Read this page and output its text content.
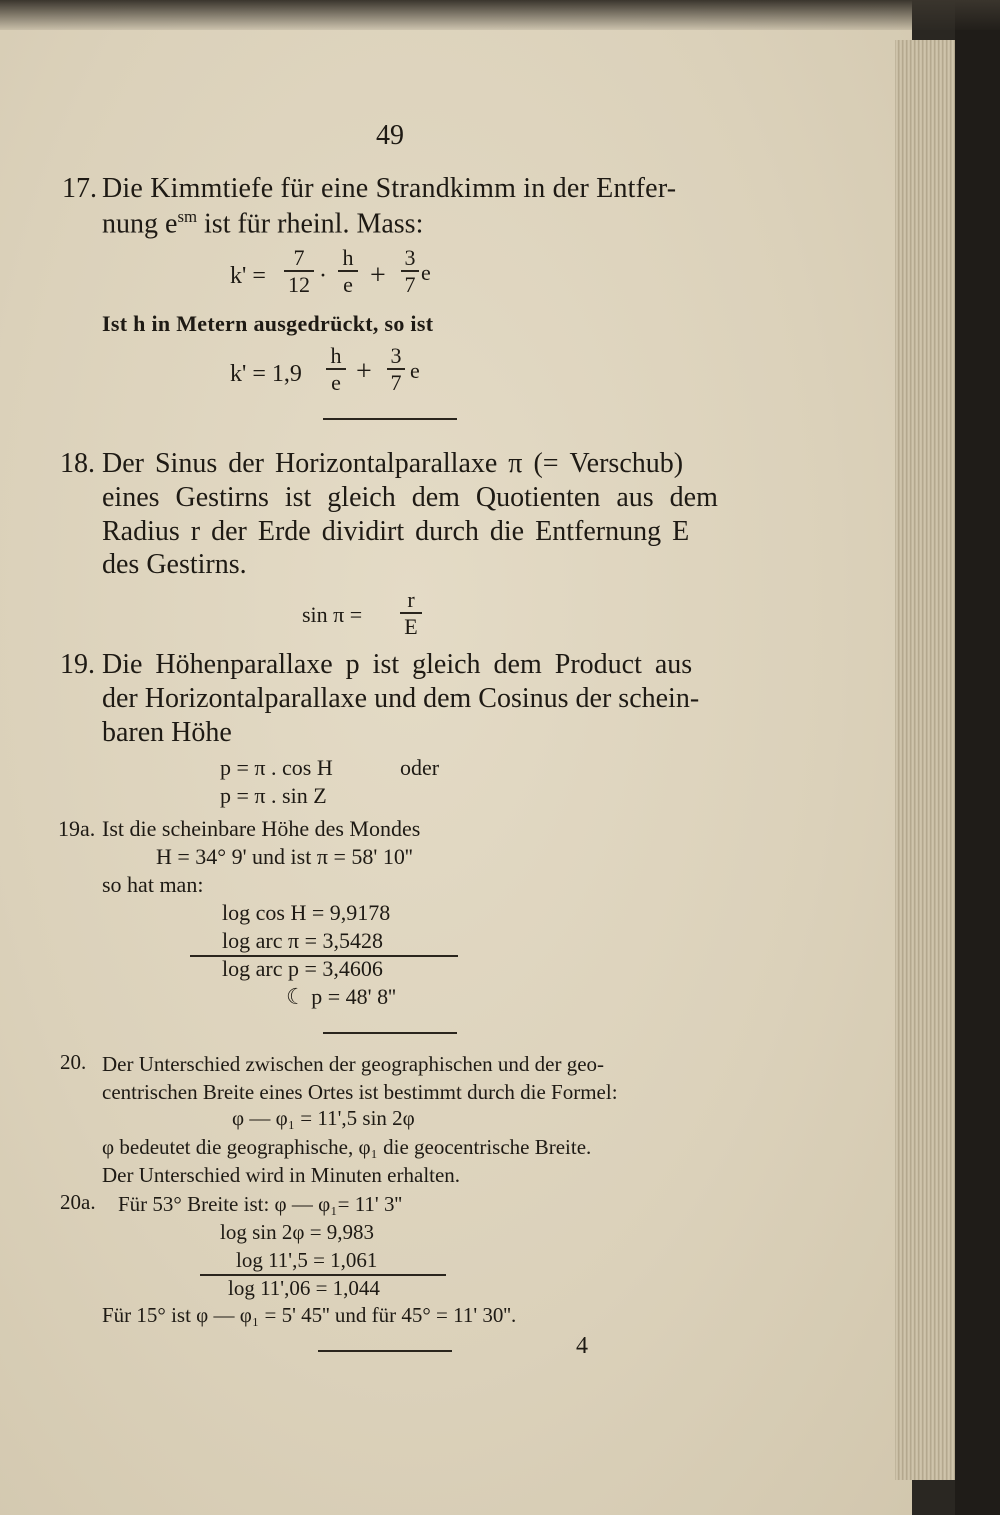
49
17. Die Kimmtiefe für eine Strandkimm in der Entfer-
nung $e^{sm}$ ist für rheinl. Mass:
k' =
7
12 ·
h
e +
3
7 e
Ist h in Metern ausgedrückt, so ist
k' = 1,9
h
e +
3
7 e
18. Der Sinus der Horizontalparallaxe π (= Verschub)
eines Gestirns ist gleich dem Quotienten aus dem
Radius r der Erde dividirt durch die Entfernung E
des Gestirns.
sin π =
r
E
19. Die Höhenparallaxe p ist gleich dem Product aus
der Horizontalparallaxe und dem Cosinus der schein-
baren Höhe
p = π . cos H	oder
p = π . sin Z
19a. Ist die scheinbare Höhe des Mondes
H = 34° 9' und ist π = 58' 10''
so hat man:
log cos H = 9,9178
log arc π = 3,5428
log arc p = 3,4606
☾ p = 48' 8''
20. Der Unterschied zwischen der geographischen und der geo-
centrischen Breite eines Ortes ist bestimmt durch die Formel:
φ — φ₁ = 11',5 sin 2φ
φ bedeutet die geographische, φ₁ die geocentrische Breite.
Der Unterschied wird in Minuten erhalten.
20a. Für 53° Breite ist: φ — φ₁= 11' 3''
log sin 2φ = 9,983
log 11',5 = 1,061
log 11',06 = 1,044
Für 15° ist φ — φ₁ = 5' 45'' und für 45° = 11' 30''.
4
